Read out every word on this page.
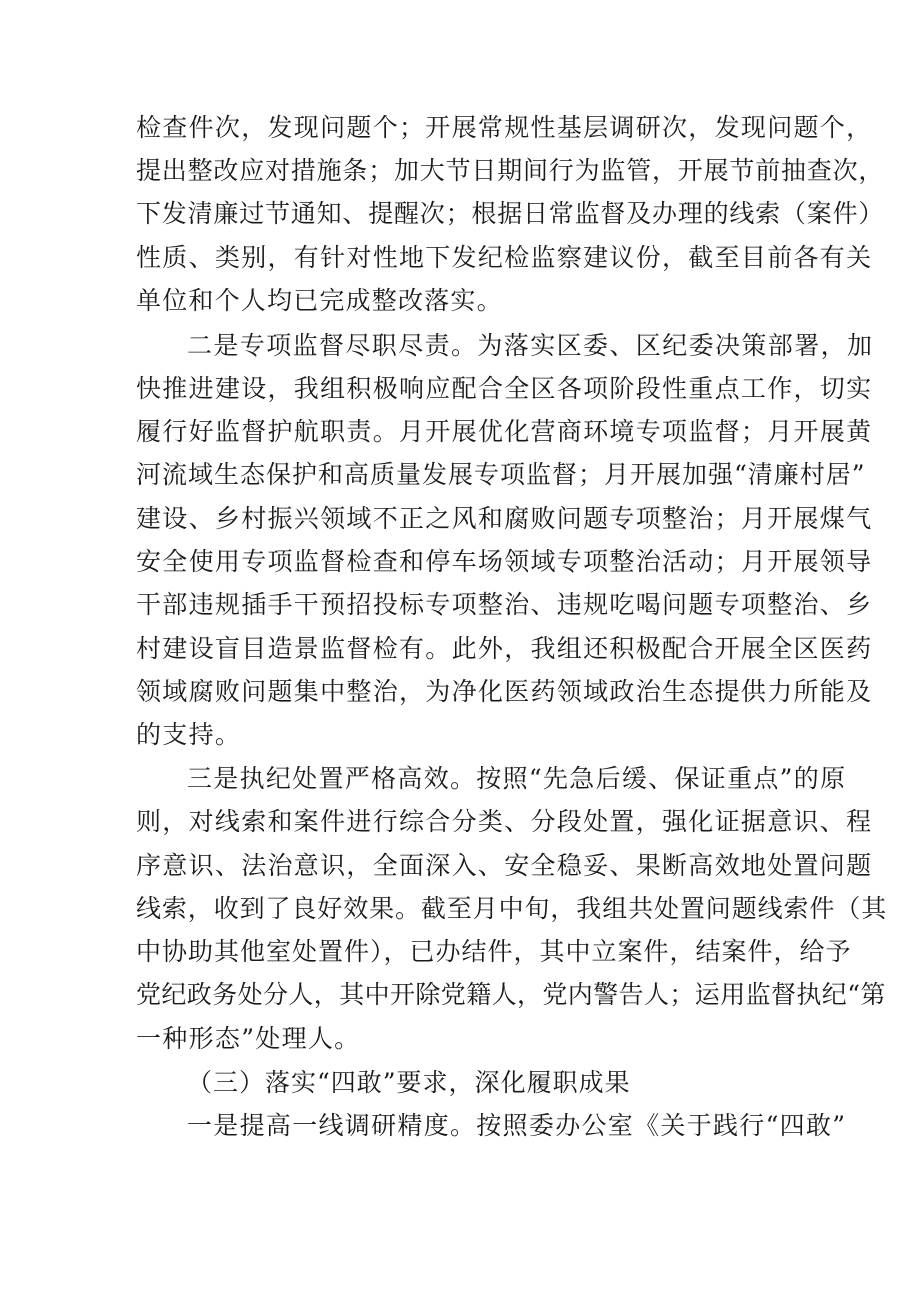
检查件次，发现问题个；开展常规性基层调研次，发现问题个，
提出整改应对措施条；加大节日期间行为监管，开展节前抽查次，
下发清廉过节通知、提醒次；根据日常监督及办理的线索（案件）
性质、类别，有针对性地下发纪检监察建议份，截至目前各有关
单位和个人均已完成整改落实。
二是专项监督尽职尽责。为落实区委、区纪委决策部署，加
快推进建设，我组积极响应配合全区各项阶段性重点工作，切实
履行好监督护航职责。月开展优化营商环境专项监督；月开展黄
河流域生态保护和高质量发展专项监督；月开展加强“清廉村居”
建设、乡村振兴领域不正之风和腐败问题专项整治；月开展煤气
安全使用专项监督检查和停车场领域专项整治活动；月开展领导
干部违规插手干预招投标专项整治、违规吃喝问题专项整治、乡
村建设盲目造景监督检有。此外，我组还积极配合开展全区医药
领域腐败问题集中整治，为净化医药领域政治生态提供力所能及
的支持。
三是执纪处置严格高效。按照“先急后缓、保证重点”的原
则，对线索和案件进行综合分类、分段处置，强化证据意识、程
序意识、法治意识，全面深入、安全稳妥、果断高效地处置问题
线索，收到了良好效果。截至月中旬，我组共处置问题线索件（其
中协助其他室处置件），已办结件，其中立案件，结案件，给予
党纪政务处分人，其中开除党籍人，党内警告人；运用监督执纪“第
一种形态”处理人。
（三）落实“四敢”要求，深化履职成果
一是提高一线调研精度。按照委办公室《关于践行“四敢”
